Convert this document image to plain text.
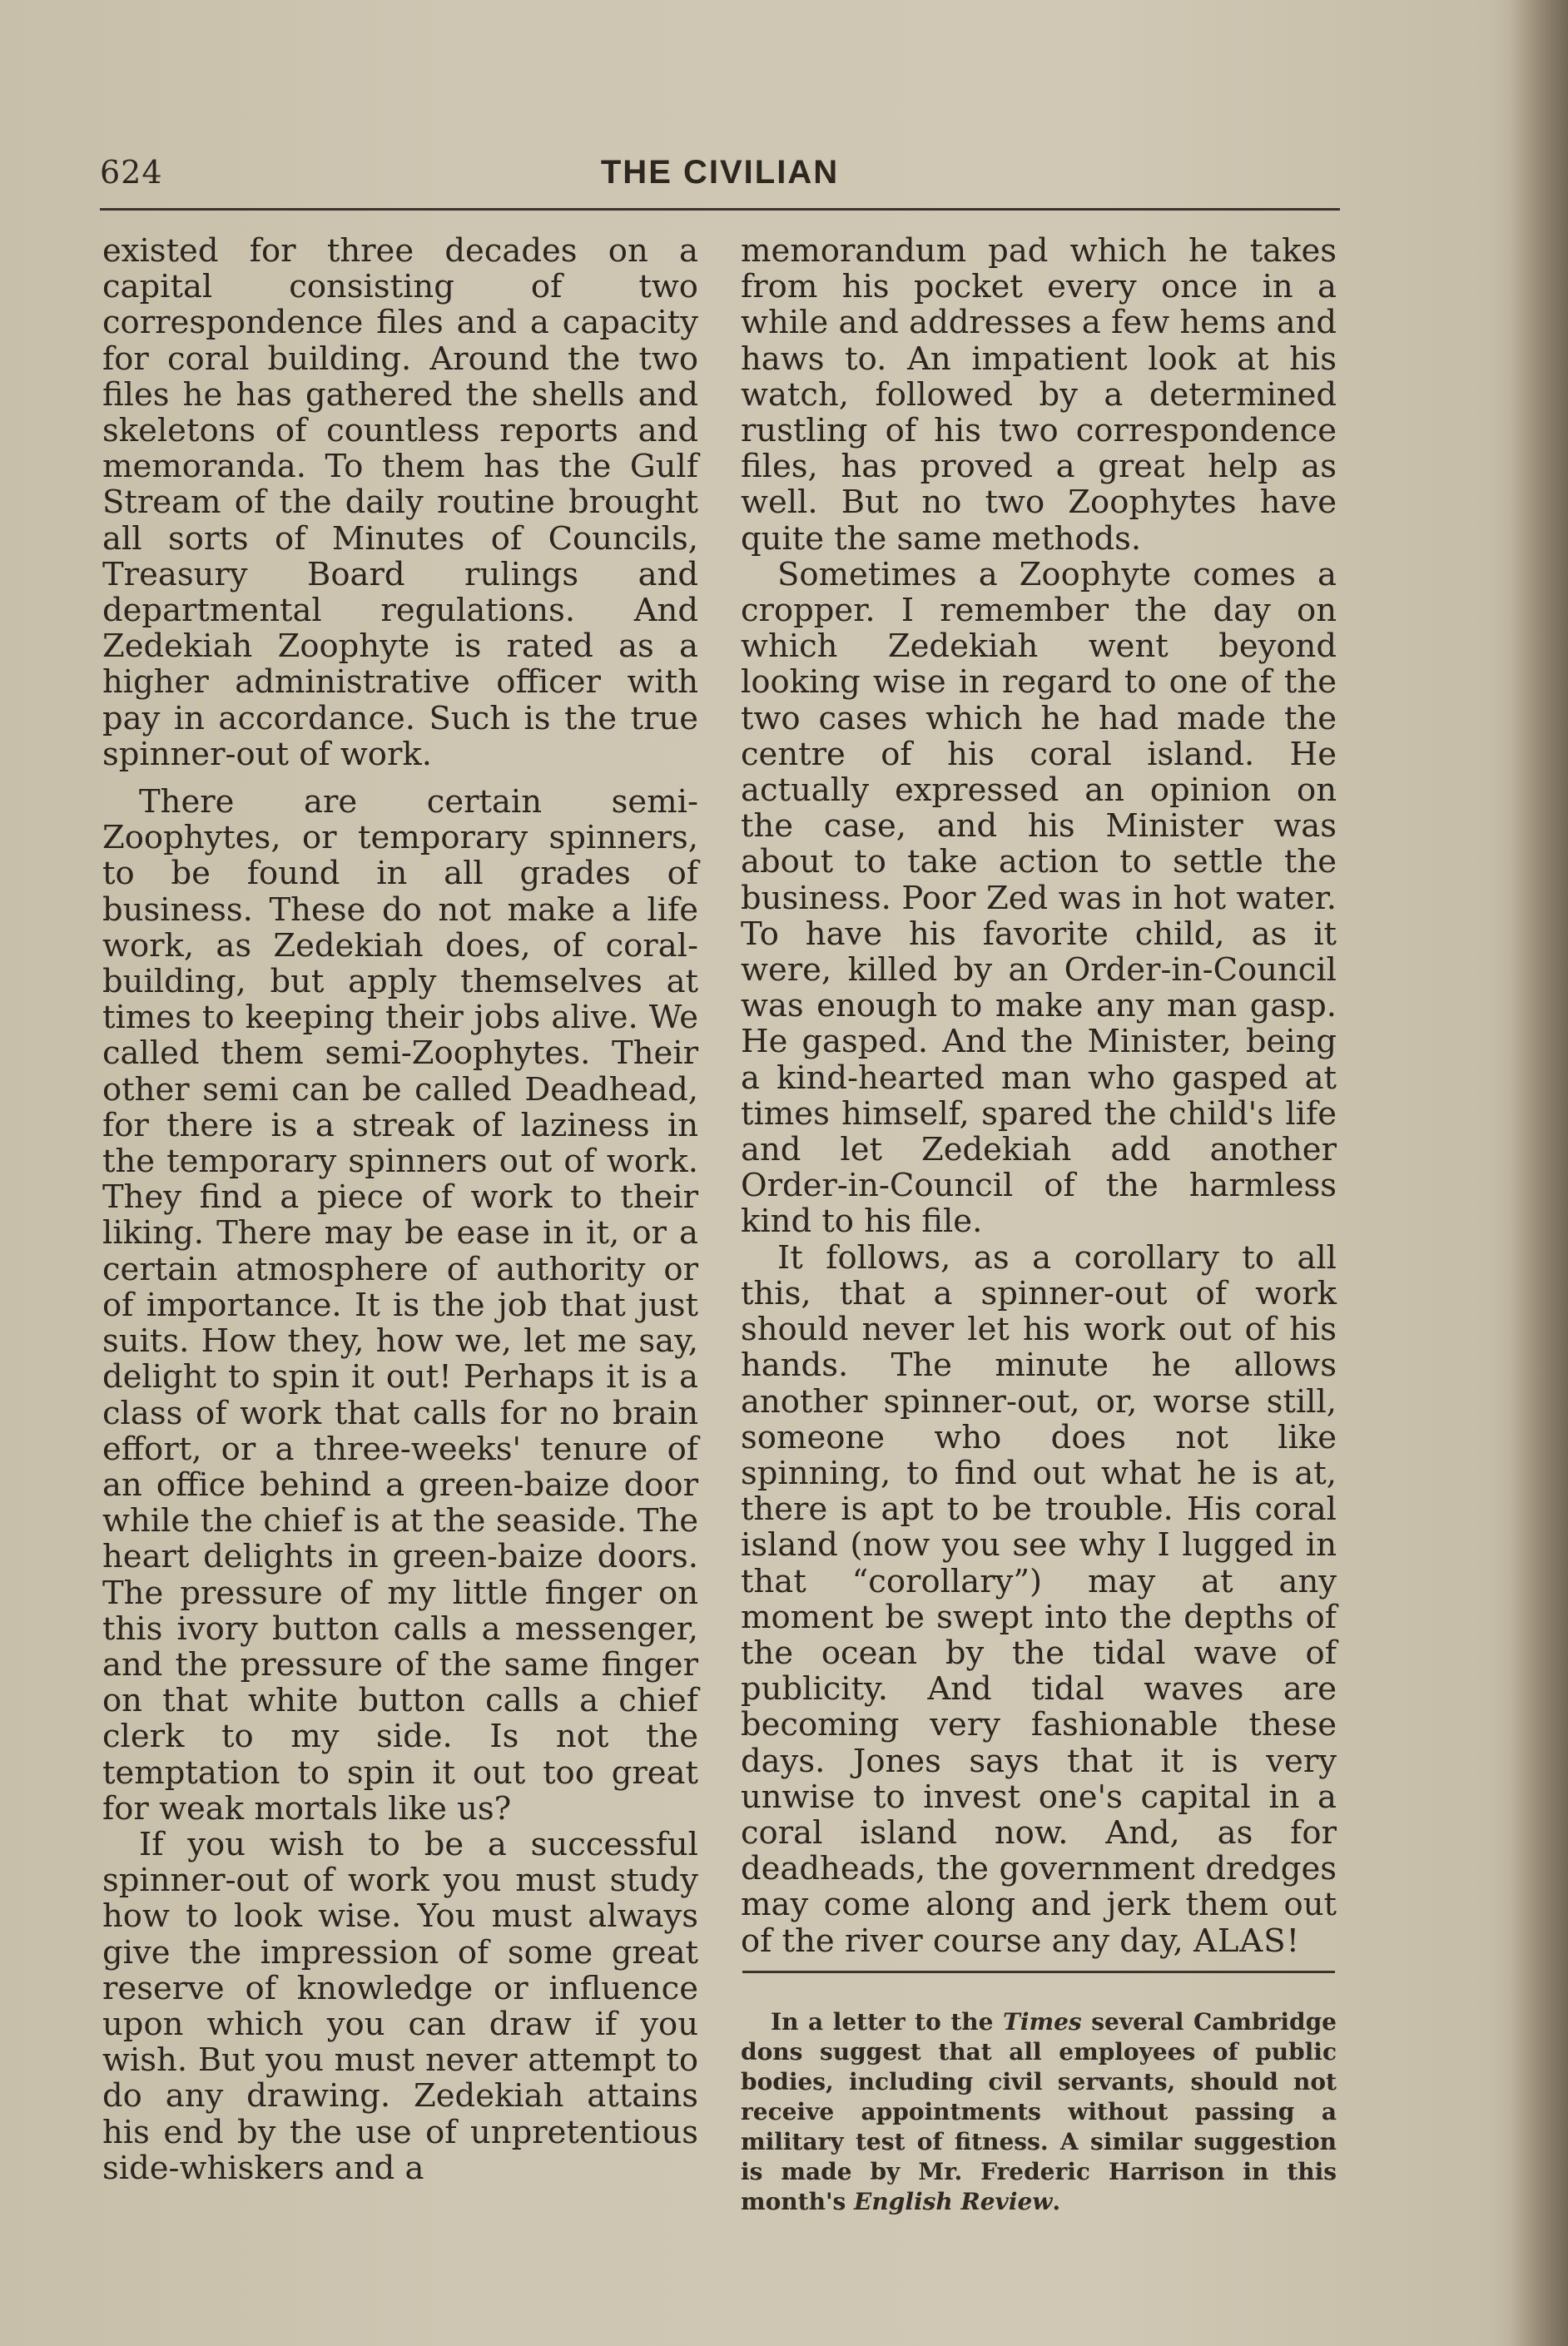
624	THE CIVILIAN

existed for three decades on a capital consisting of two correspondence files and a capacity for coral building. Around the two files he has gathered the shells and skeletons of countless reports and memoranda. To them has the Gulf Stream of the daily routine brought all sorts of Minutes of Councils, Treasury Board rulings and departmental regulations. And Zedekiah Zoophyte is rated as a higher administrative officer with pay in accordance. Such is the true spinner-out of work.

There are certain semi-Zoophytes, or temporary spinners, to be found in all grades of business. These do not make a life work, as Zedekiah does, of coral-building, but apply themselves at times to keeping their jobs alive. We called them semi-Zoophytes. Their other semi can be called Deadhead, for there is a streak of laziness in the temporary spinners out of work. They find a piece of work to their liking. There may be ease in it, or a certain atmosphere of authority or of importance. It is the job that just suits. How they, how we, let me say, delight to spin it out! Perhaps it is a class of work that calls for no brain effort, or a three-weeks' tenure of an office behind a green-baize door while the chief is at the seaside. The heart delights in green-baize doors. The pressure of my little finger on this ivory button calls a messenger, and the pressure of the same finger on that white button calls a chief clerk to my side. Is not the temptation to spin it out too great for weak mortals like us?

If you wish to be a successful spinner-out of work you must study how to look wise. You must always give the impression of some great reserve of knowledge or influence upon which you can draw if you wish. But you must never attempt to do any drawing. Zedekiah attains his end by the use of unpretentious side-whiskers and a

memorandum pad which he takes from his pocket every once in a while and addresses a few hems and haws to. An impatient look at his watch, followed by a determined rustling of his two correspondence files, has proved a great help as well. But no two Zoophytes have quite the same methods.

Sometimes a Zoophyte comes a cropper. I remember the day on which Zedekiah went beyond looking wise in regard to one of the two cases which he had made the centre of his coral island. He actually expressed an opinion on the case, and his Minister was about to take action to settle the business. Poor Zed was in hot water. To have his favorite child, as it were, killed by an Order-in-Council was enough to make any man gasp. He gasped. And the Minister, being a kind-hearted man who gasped at times himself, spared the child's life and let Zedekiah add another Order-in-Council of the harmless kind to his file.

It follows, as a corollary to all this, that a spinner-out of work should never let his work out of his hands. The minute he allows another spinner-out, or, worse still, someone who does not like spinning, to find out what he is at, there is apt to be trouble. His coral island (now you see why I lugged in that “corollary”) may at any moment be swept into the depths of the ocean by the tidal wave of publicity. And tidal waves are becoming very fashionable these days. Jones says that it is very unwise to invest one's capital in a coral island now. And, as for deadheads, the government dredges may come along and jerk them out of the river course any day, ALAS!

In a letter to the Times several Cambridge dons suggest that all employees of public bodies, including civil servants, should not receive appointments without passing a military test of fitness. A similar suggestion is made by Mr. Frederic Harrison in this month's English Review.
